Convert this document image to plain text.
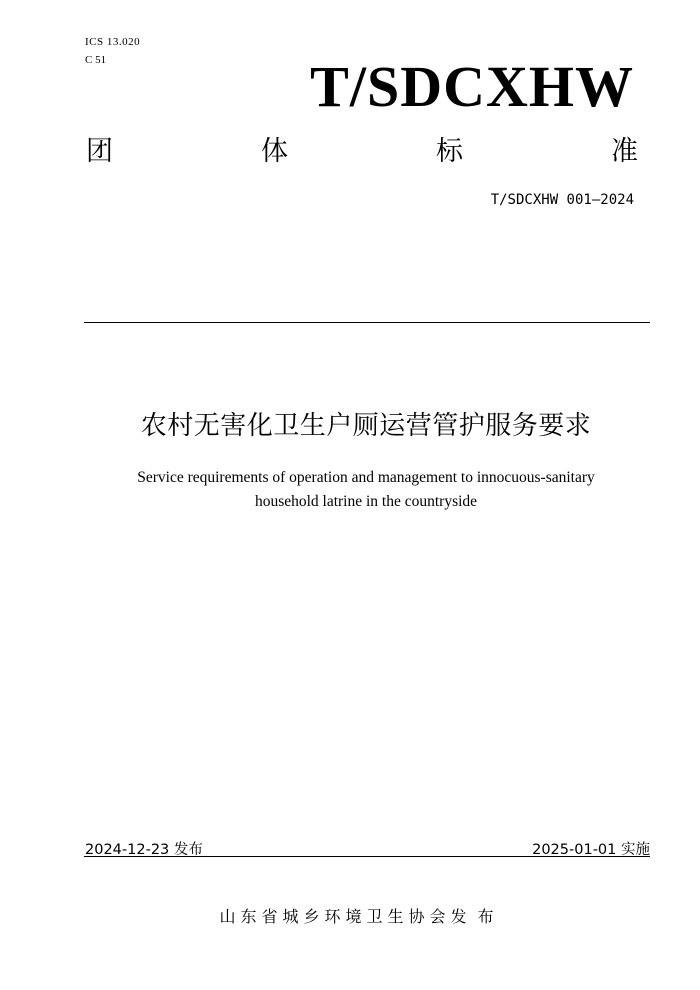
ICS 13.020
C 51	T/SDCXHW
团	体	标	准
T/SDCXHW 001—2024
农村无害化卫生户厕运营管护服务要求
Service requirements of operation and management to innocuous-sanitary
household latrine in the countryside
2024-12-23 发布	2025-01-01 实施
山东省城乡环境卫生协会发 布
